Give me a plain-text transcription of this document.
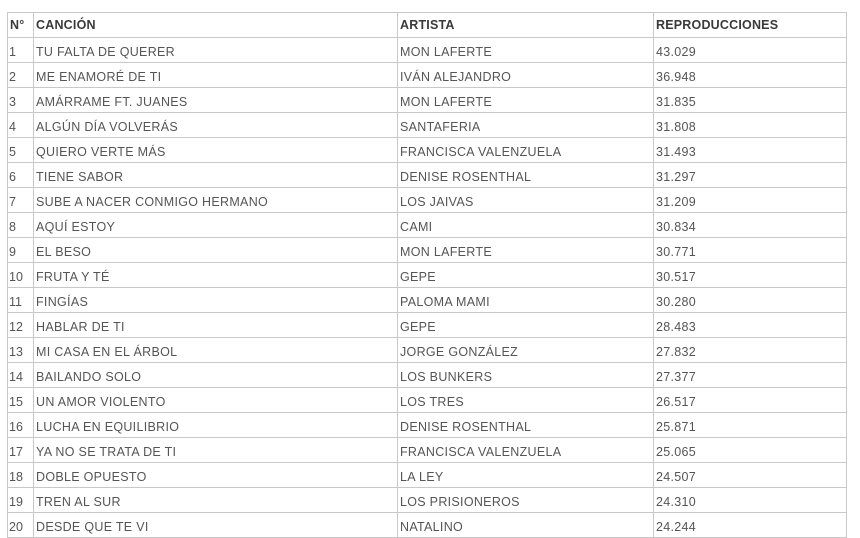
N°	CANCIÓN	ARTISTA	REPRODUCCIONES
1	TU FALTA DE QUERER	MON LAFERTE	43.029
2	ME ENAMORÉ DE TI	IVÁN ALEJANDRO	36.948
3	AMÁRRAME FT. JUANES	MON LAFERTE	31.835
4	ALGÚN DÍA VOLVERÁS	SANTAFERIA	31.808
5	QUIERO VERTE MÁS	FRANCISCA VALENZUELA	31.493
6	TIENE SABOR	DENISE ROSENTHAL	31.297
7	SUBE A NACER CONMIGO HERMANO	LOS JAIVAS	31.209
8	AQUÍ ESTOY	CAMI	30.834
9	EL BESO	MON LAFERTE	30.771
10	FRUTA Y TÉ	GEPE	30.517
11	FINGÍAS	PALOMA MAMI	30.280
12	HABLAR DE TI	GEPE	28.483
13	MI CASA EN EL ÁRBOL	JORGE GONZÁLEZ	27.832
14	BAILANDO SOLO	LOS BUNKERS	27.377
15	UN AMOR VIOLENTO	LOS TRES	26.517
16	LUCHA EN EQUILIBRIO	DENISE ROSENTHAL	25.871
17	YA NO SE TRATA DE TI	FRANCISCA VALENZUELA	25.065
18	DOBLE OPUESTO	LA LEY	24.507
19	TREN AL SUR	LOS PRISIONEROS	24.310
20	DESDE QUE TE VI	NATALINO	24.244
